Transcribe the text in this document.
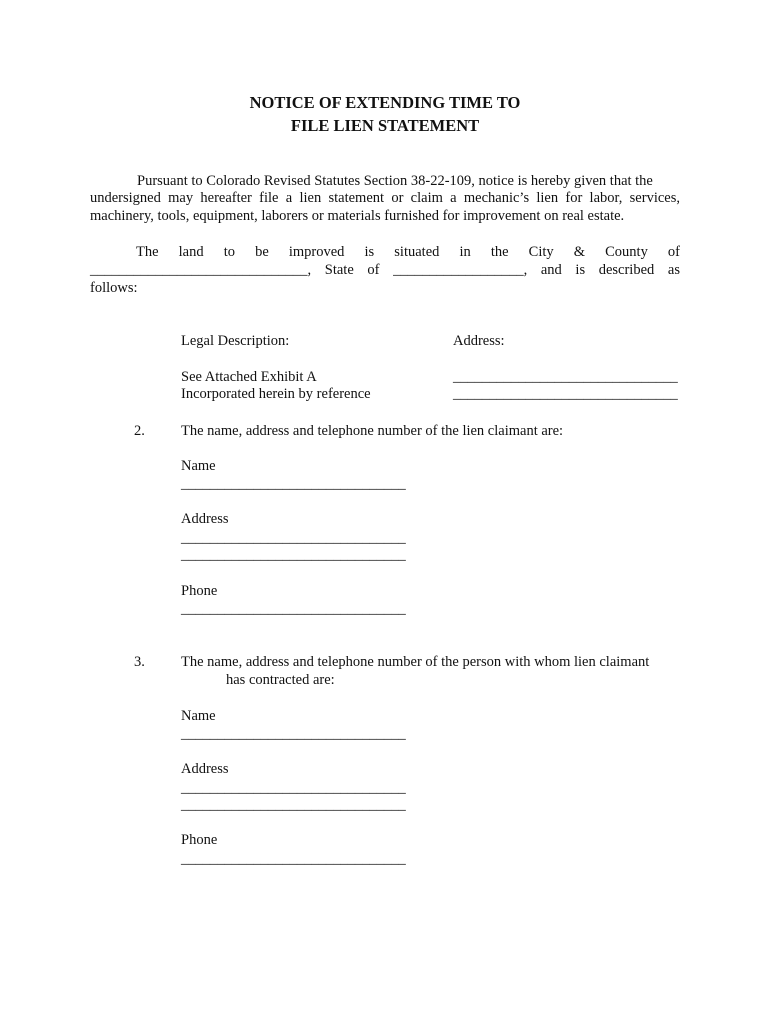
NOTICE OF EXTENDING TIME TO
FILE LIEN STATEMENT
Pursuant to Colorado Revised Statutes Section 38-22-109, notice is hereby given that the
undersigned may hereafter file a lien statement or claim a mechanic’s lien for labor, services,
machinery, tools, equipment, laborers or materials furnished for improvement on real estate.
The land to be improved is situated in the City & County of
______________________________, State of __________________, and is described as
follows:
Legal Description:	Address:
See Attached Exhibit A
Incorporated herein by reference
_______________________________
_______________________________
2. The name, address and telephone number of the lien claimant are:
Name
_______________________________
Address
_______________________________
_______________________________
Phone
_______________________________
3. The name, address and telephone number of the person with whom lien claimant
has contracted are:
Name
_______________________________
Address
_______________________________
_______________________________
Phone
_______________________________
